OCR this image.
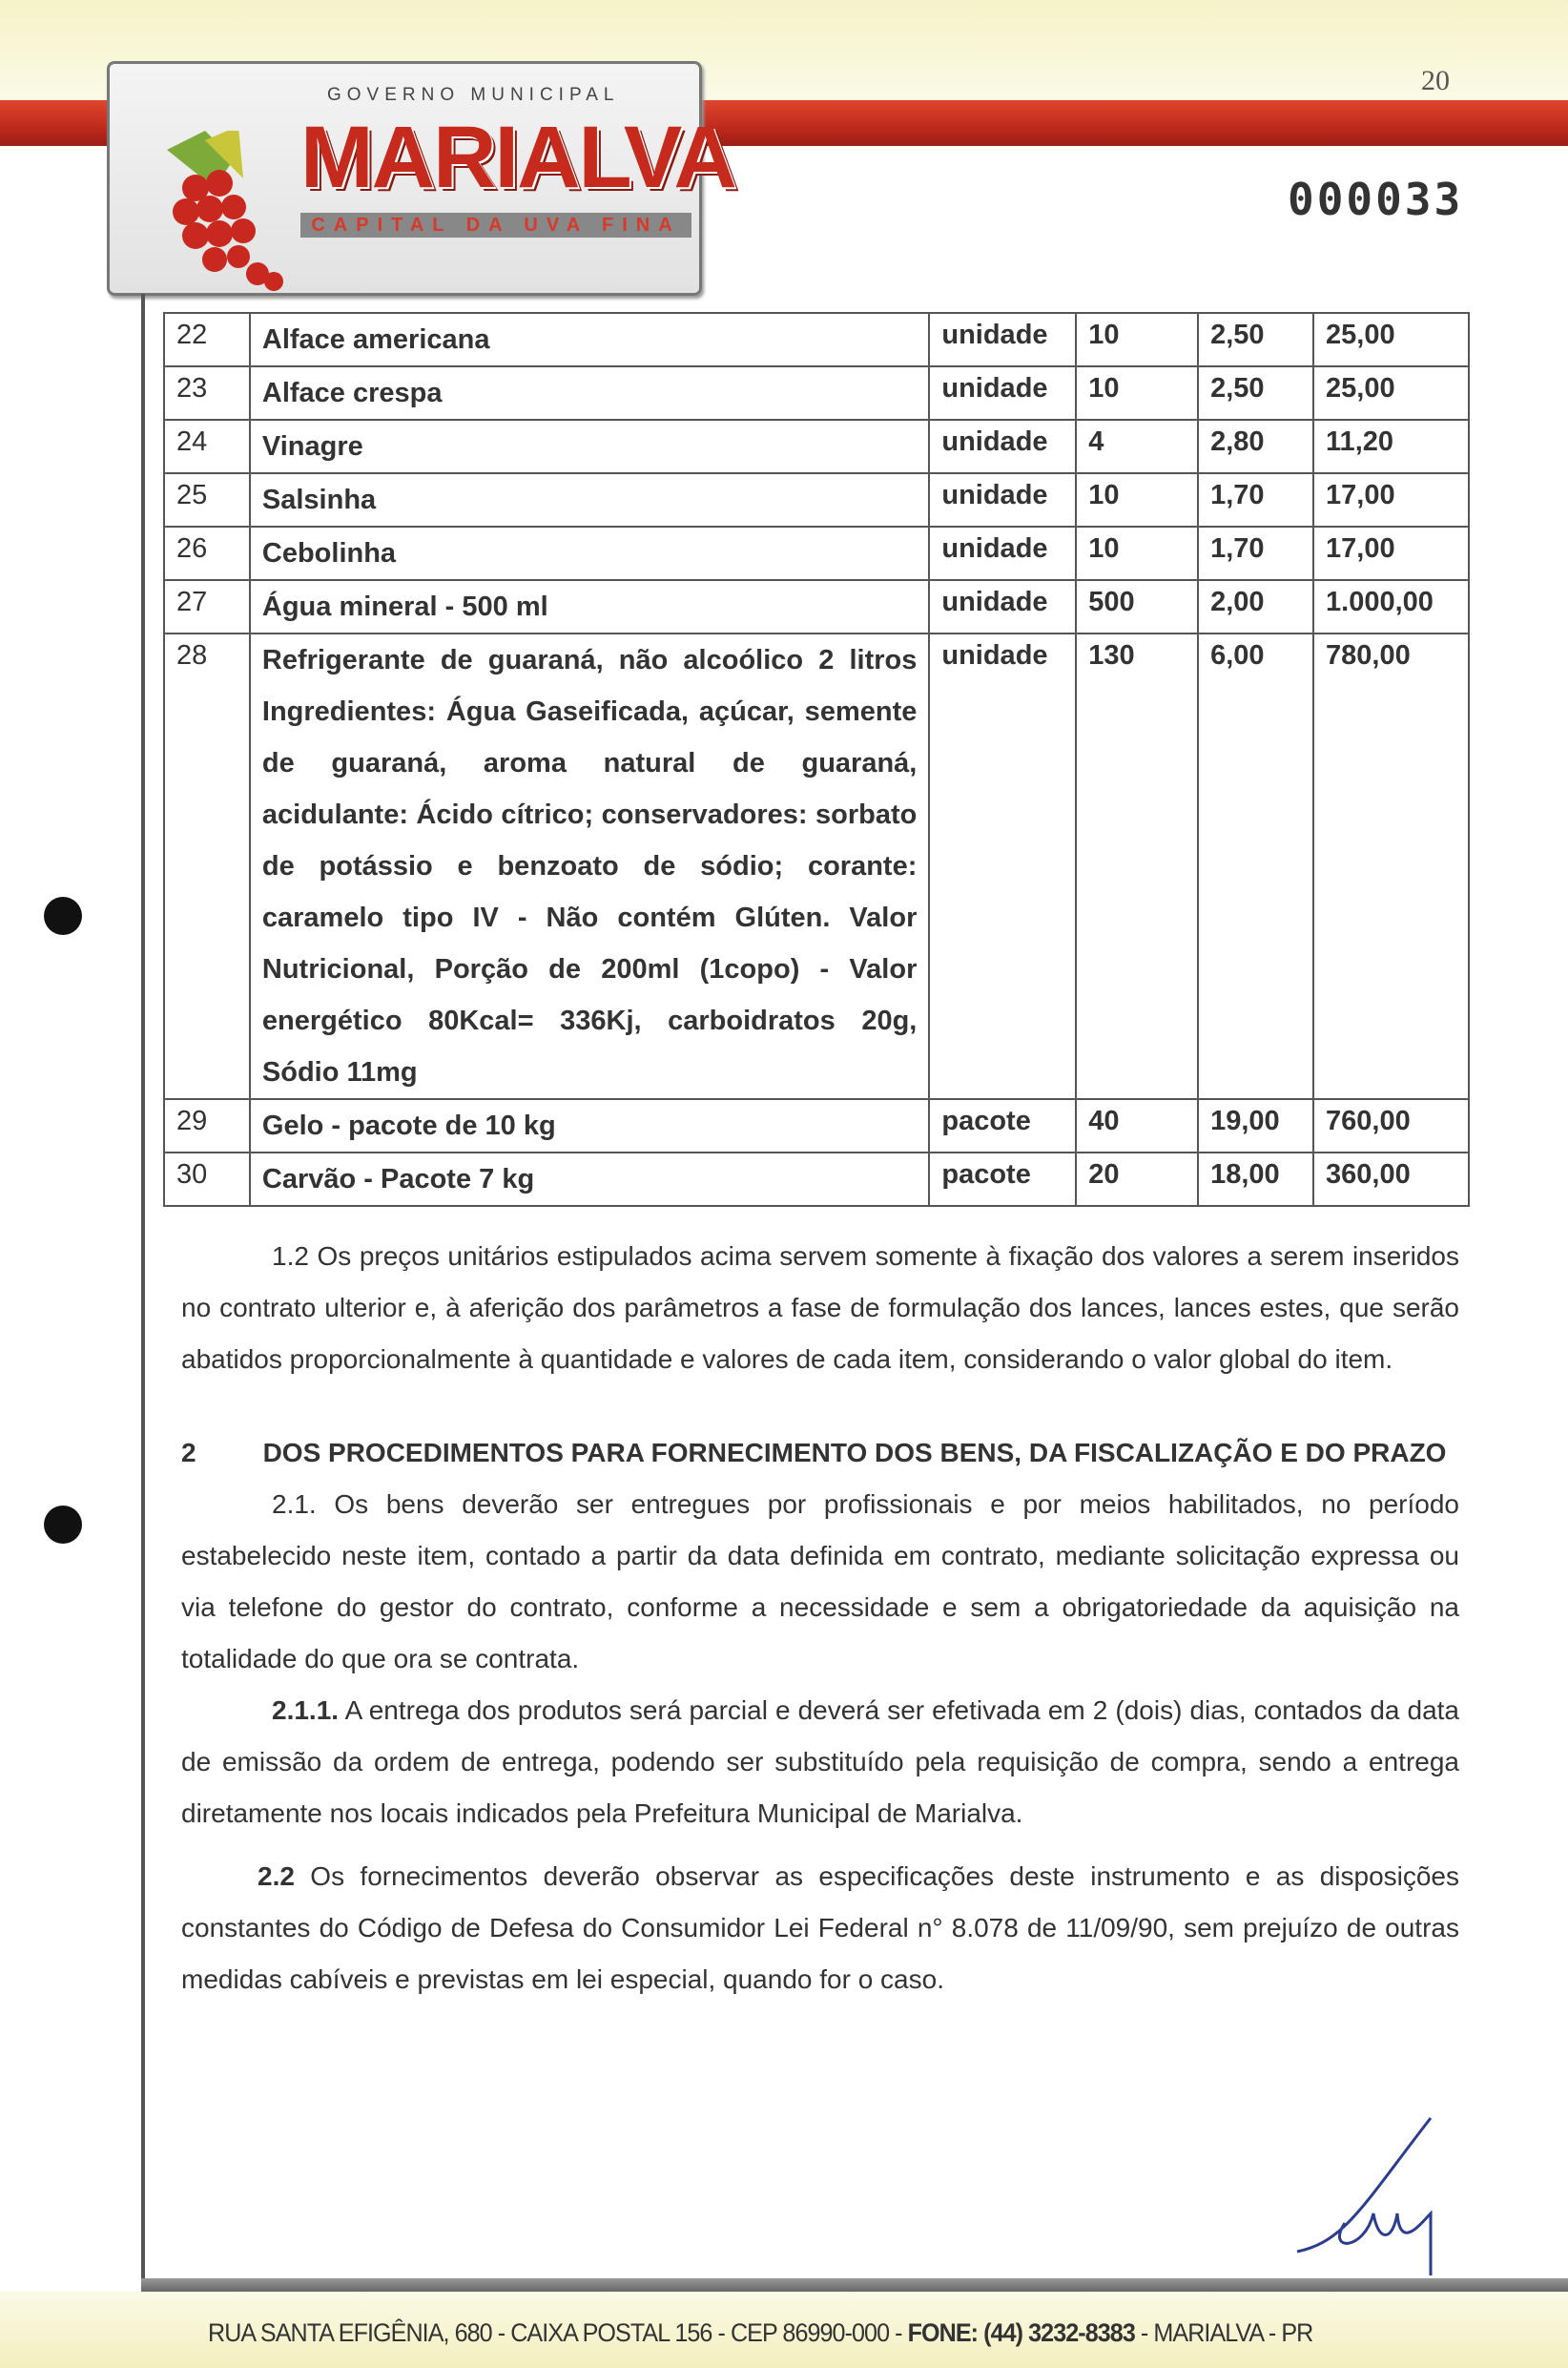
GOVERNO MUNICIPAL
MARIALVA
CAPITAL DA UVA FINA
20
000033
22	Alface americana	unidade	10	2,50	25,00
23	Alface crespa	unidade	10	2,50	25,00
24	Vinagre	unidade	4	2,80	11,20
25	Salsinha	unidade	10	1,70	17,00
26	Cebolinha	unidade	10	1,70	17,00
27	Água mineral - 500 ml	unidade	500	2,00	1.000,00
28	Refrigerante de guaraná, não alcoólico 2 litros Ingredientes: Água Gaseificada, açúcar, semente de guaraná, aroma natural de guaraná, acidulante: Ácido cítrico; conservadores: sorbato de potássio e benzoato de sódio; corante: caramelo tipo IV - Não contém Glúten. Valor Nutricional, Porção de 200ml (1copo) - Valor energético 80Kcal= 336Kj, carboidratos 20g, Sódio 11mg	unidade	130	6,00	780,00
29	Gelo - pacote de 10 kg	pacote	40	19,00	760,00
30	Carvão - Pacote 7 kg	pacote	20	18,00	360,00
1.2 Os preços unitários estipulados acima servem somente à fixação dos valores a serem inseridos no contrato ulterior e, à aferição dos parâmetros a fase de formulação dos lances, lances estes, que serão abatidos proporcionalmente à quantidade e valores de cada item, considerando o valor global do item.
2	DOS PROCEDIMENTOS PARA FORNECIMENTO DOS BENS, DA FISCALIZAÇÃO E DO PRAZO
2.1. Os bens deverão ser entregues por profissionais e por meios habilitados, no período estabelecido neste item, contado a partir da data definida em contrato, mediante solicitação expressa ou via telefone do gestor do contrato, conforme a necessidade e sem a obrigatoriedade da aquisição na totalidade do que ora se contrata.
2.1.1. A entrega dos produtos será parcial e deverá ser efetivada em 2 (dois) dias, contados da data de emissão da ordem de entrega, podendo ser substituído pela requisição de compra, sendo a entrega diretamente nos locais indicados pela Prefeitura Municipal de Marialva.
2.2 Os fornecimentos deverão observar as especificações deste instrumento e as disposições constantes do Código de Defesa do Consumidor Lei Federal n° 8.078 de 11/09/90, sem prejuízo de outras medidas cabíveis e previstas em lei especial, quando for o caso.
RUA SANTA EFIGÊNIA, 680 - CAIXA POSTAL 156 - CEP 86990-000 - FONE: (44) 3232-8383 - MARIALVA - PR
